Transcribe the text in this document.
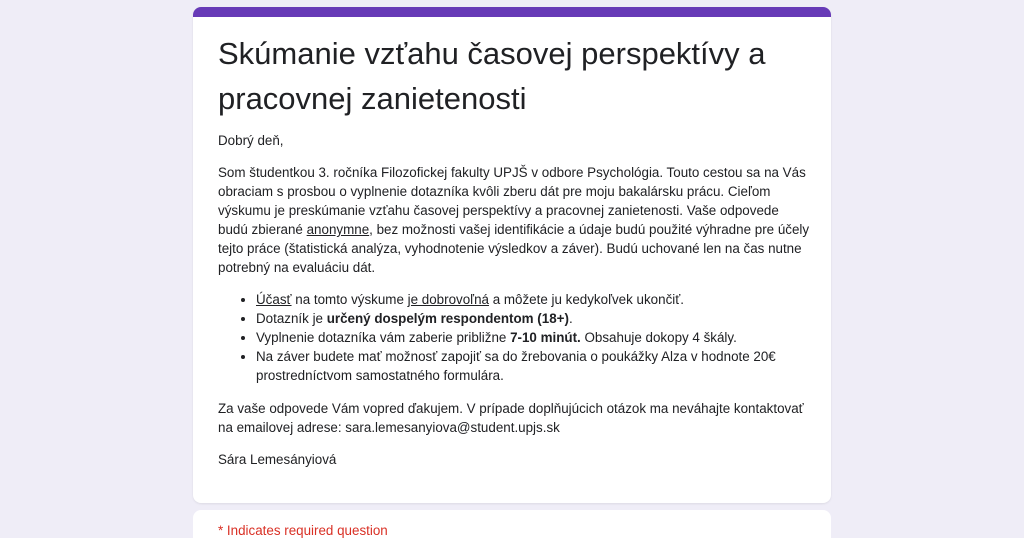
Skúmanie vzťahu časovej perspektívy a pracovnej zanietenosti

Dobrý deň,

Som študentkou 3. ročníka Filozofickej fakulty UPJŠ v odbore Psychológia. Touto cestou sa na Vás obraciam s prosbou o vyplnenie dotazníka kvôli zberu dát pre moju bakalársku prácu. Cieľom výskumu je preskúmanie vzťahu časovej perspektívy a pracovnej zanietenosti. Vaše odpovede budú zbierané anonymne, bez možnosti vašej identifikácie a údaje budú použité výhradne pre účely tejto práce (štatistická analýza, vyhodnotenie výsledkov a záver). Budú uchované len na čas nutne potrebný na evaluáciu dát.

• Účasť na tomto výskume je dobrovoľná a môžete ju kedykoľvek ukončiť.
• Dotazník je určený dospelým respondentom (18+).
• Vyplnenie dotazníka vám zaberie približne 7-10 minút. Obsahuje dokopy 4 škály.
• Na záver budete mať možnosť zapojiť sa do žrebovania o poukážky Alza v hodnote 20€ prostredníctvom samostatného formulára.

Za vaše odpovede Vám vopred ďakujem. V prípade doplňujúcich otázok ma neváhajte kontaktovať na emailovej adrese: sara.lemesanyiova@student.upjs.sk

Sára Lemesányiová

* Indicates required question
